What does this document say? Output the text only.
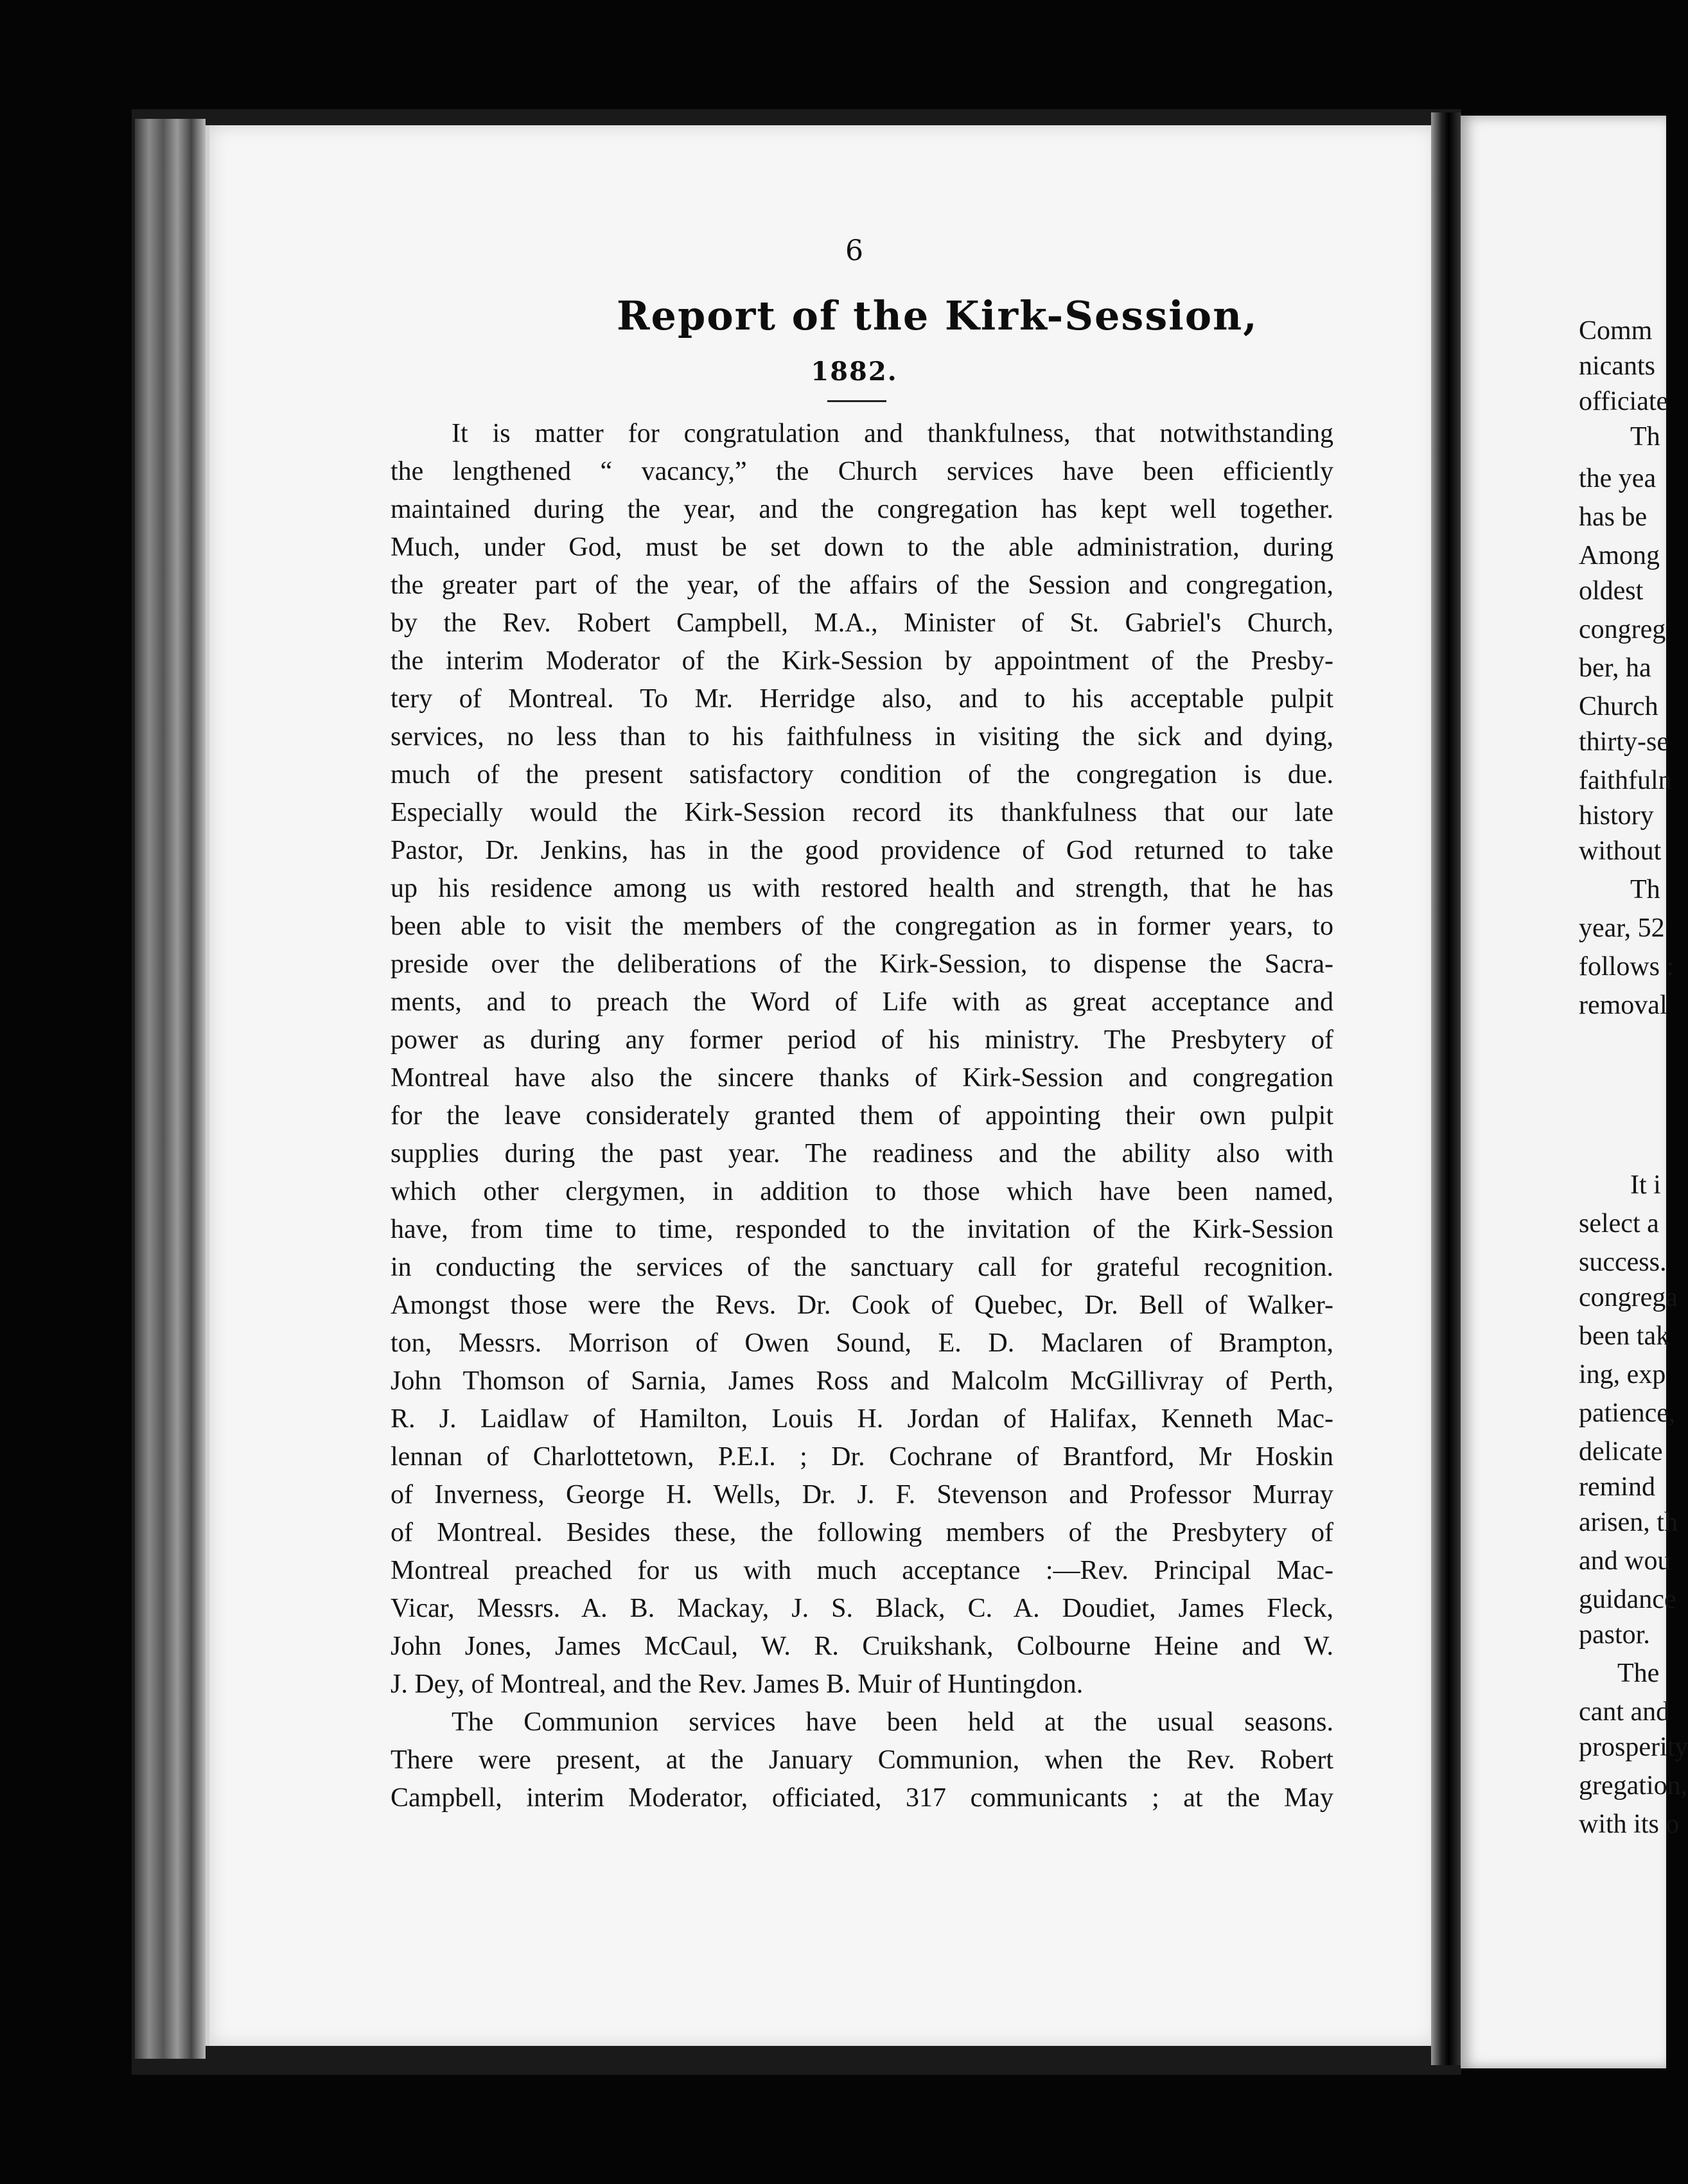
6
Report of the Kirk-Session,
1882.
It is matter for congratulation and thankfulness, that notwithstanding
the lengthened “ vacancy,” the Church services have been efficiently
maintained during the year, and the congregation has kept well together.
Much, under God, must be set down to the able administration, during
the greater part of the year, of the affairs of the Session and congregation,
by the Rev. Robert Campbell, M.A., Minister of St. Gabriel's Church,
the interim Moderator of the Kirk-Session by appointment of the Presby-
tery of Montreal. To Mr. Herridge also, and to his acceptable pulpit
services, no less than to his faithfulness in visiting the sick and dying,
much of the present satisfactory condition of the congregation is due.
Especially would the Kirk-Session record its thankfulness that our late
Pastor, Dr. Jenkins, has in the good providence of God returned to take
up his residence among us with restored health and strength, that he has
been able to visit the members of the congregation as in former years, to
preside over the deliberations of the Kirk-Session, to dispense the Sacra-
ments, and to preach the Word of Life with as great acceptance and
power as during any former period of his ministry. The Presbytery of
Montreal have also the sincere thanks of Kirk-Session and congregation
for the leave considerately granted them of appointing their own pulpit
supplies during the past year. The readiness and the ability also with
which other clergymen, in addition to those which have been named,
have, from time to time, responded to the invitation of the Kirk-Session
in conducting the services of the sanctuary call for grateful recognition.
Amongst those were the Revs. Dr. Cook of Quebec, Dr. Bell of Walker-
ton, Messrs. Morrison of Owen Sound, E. D. Maclaren of Brampton,
John Thomson of Sarnia, James Ross and Malcolm McGillivray of Perth,
R. J. Laidlaw of Hamilton, Louis H. Jordan of Halifax, Kenneth Mac-
lennan of Charlottetown, P.E.I. ; Dr. Cochrane of Brantford, Mr Hoskin
of Inverness, George H. Wells, Dr. J. F. Stevenson and Professor Murray
of Montreal. Besides these, the following members of the Presbytery of
Montreal preached for us with much acceptance :—Rev. Principal Mac-
Vicar, Messrs. A. B. Mackay, J. S. Black, C. A. Doudiet, James Fleck,
John Jones, James McCaul, W. R. Cruikshank, Colbourne Heine and W.
J. Dey, of Montreal, and the Rev. James B. Muir of Huntingdon.
The Communion services have been held at the usual seasons.
There were present, at the January Communion, when the Rev. Robert
Campbell, interim Moderator, officiated, 317 communicants ; at the May
Comm
nicants
officiate
Th
the yea
has be
Among
oldest
congreg
ber, ha
Church
thirty-se
faithfuln
history
without
Th
year, 52
follows :
removal
It i
select a
success.
congrega
been tak
ing, exp
patience,
delicate
remind
arisen, th
and wou
guidance
pastor.
The
cant and
prosperity
gregation,
with its o
